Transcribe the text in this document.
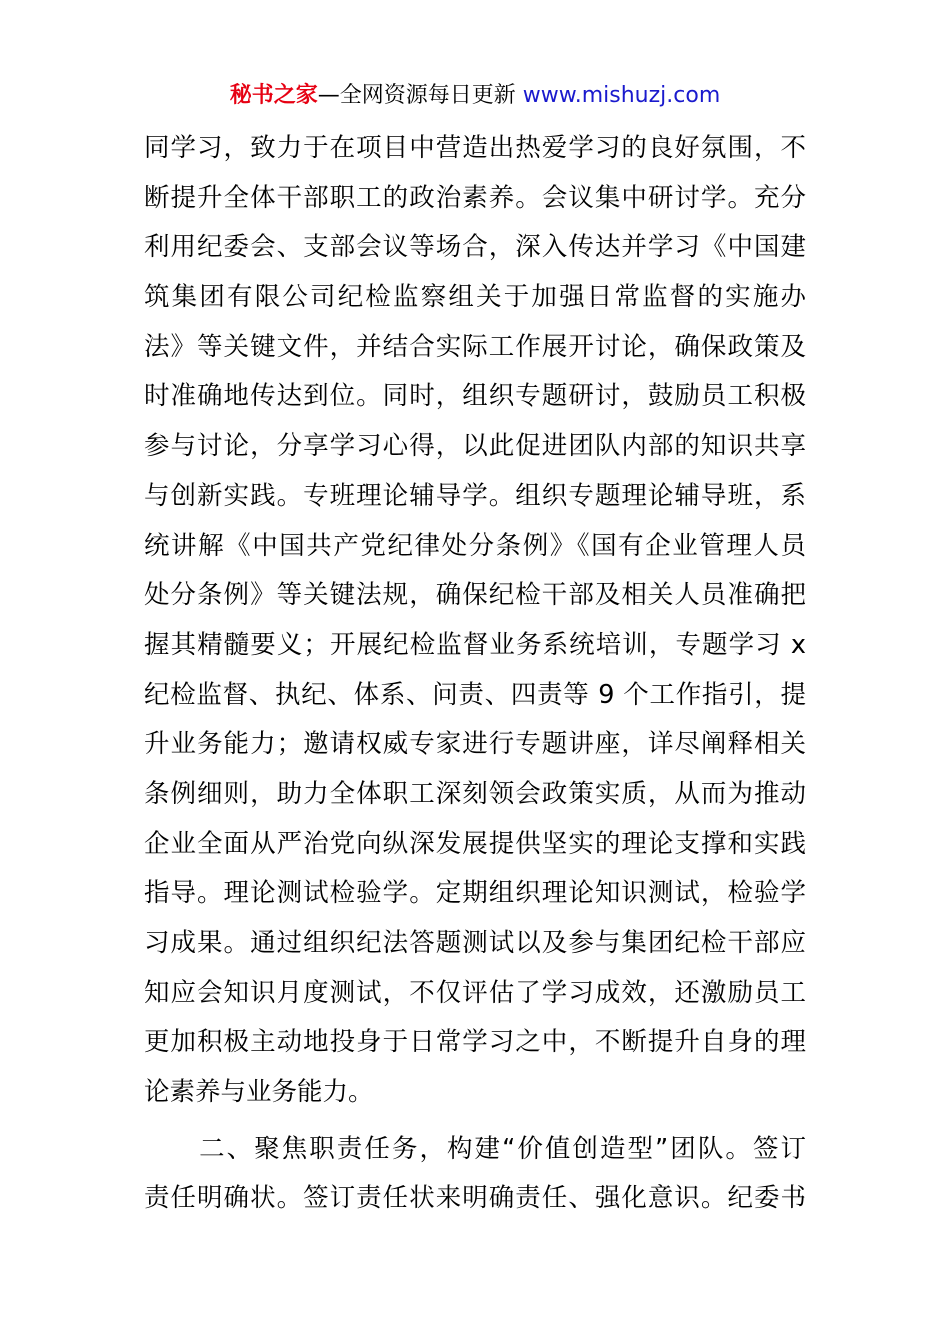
秘书之家—全网资源每日更新 www.mishuzj.com
同学习，致力于在项目中营造出热爱学习的良好氛围，不
断提升全体干部职工的政治素养。会议集中研讨学。充分
利用纪委会、支部会议等场合，深入传达并学习《中国建
筑集团有限公司纪检监察组关于加强日常监督的实施办
法》等关键文件，并结合实际工作展开讨论，确保政策及
时准确地传达到位。同时，组织专题研讨，鼓励员工积极
参与讨论，分享学习心得，以此促进团队内部的知识共享
与创新实践。专班理论辅导学。组织专题理论辅导班，系
统讲解《中国共产党纪律处分条例》《国有企业管理人员
处分条例》等关键法规，确保纪检干部及相关人员准确把
握其精髓要义；开展纪检监督业务系统培训，专题学习 x
纪检监督、执纪、体系、问责、四责等 9 个工作指引，提
升业务能力；邀请权威专家进行专题讲座，详尽阐释相关
条例细则，助力全体职工深刻领会政策实质，从而为推动
企业全面从严治党向纵深发展提供坚实的理论支撑和实践
指导。理论测试检验学。定期组织理论知识测试，检验学
习成果。通过组织纪法答题测试以及参与集团纪检干部应
知应会知识月度测试，不仅评估了学习成效，还激励员工
更加积极主动地投身于日常学习之中，不断提升自身的理
论素养与业务能力。
　　二、聚焦职责任务，构建“价值创造型”团队。签订
责任明确状。签订责任状来明确责任、强化意识。纪委书
